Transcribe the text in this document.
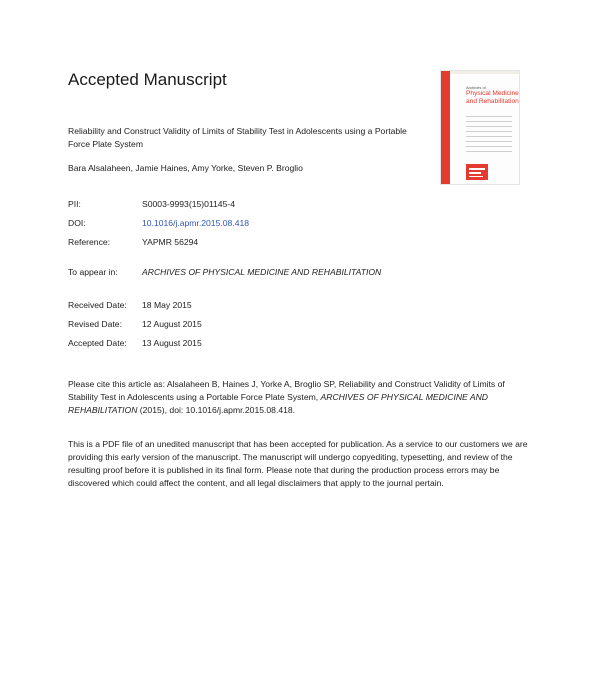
Accepted Manuscript
Reliability and Construct Validity of Limits of Stability Test in Adolescents using a Portable Force Plate System
Bara Alsalaheen, Jamie Haines, Amy Yorke, Steven P. Broglio
Archives of
Physical Medicine and Rehabilitation
PII:	S0003-9993(15)01145-4
DOI:	10.1016/j.apmr.2015.08.418
Reference:	YAPMR 56294
To appear in:	ARCHIVES OF PHYSICAL MEDICINE AND REHABILITATION
Received Date: 18 May 2015
Revised Date: 12 August 2015
Accepted Date: 13 August 2015
Please cite this article as: Alsalaheen B, Haines J, Yorke A, Broglio SP, Reliability and Construct Validity of Limits of Stability Test in Adolescents using a Portable Force Plate System, ARCHIVES OF PHYSICAL MEDICINE AND REHABILITATION (2015), doi: 10.1016/j.apmr.2015.08.418.
This is a PDF file of an unedited manuscript that has been accepted for publication. As a service to our customers we are providing this early version of the manuscript. The manuscript will undergo copyediting, typesetting, and review of the resulting proof before it is published in its final form. Please note that during the production process errors may be discovered which could affect the content, and all legal disclaimers that apply to the journal pertain.
